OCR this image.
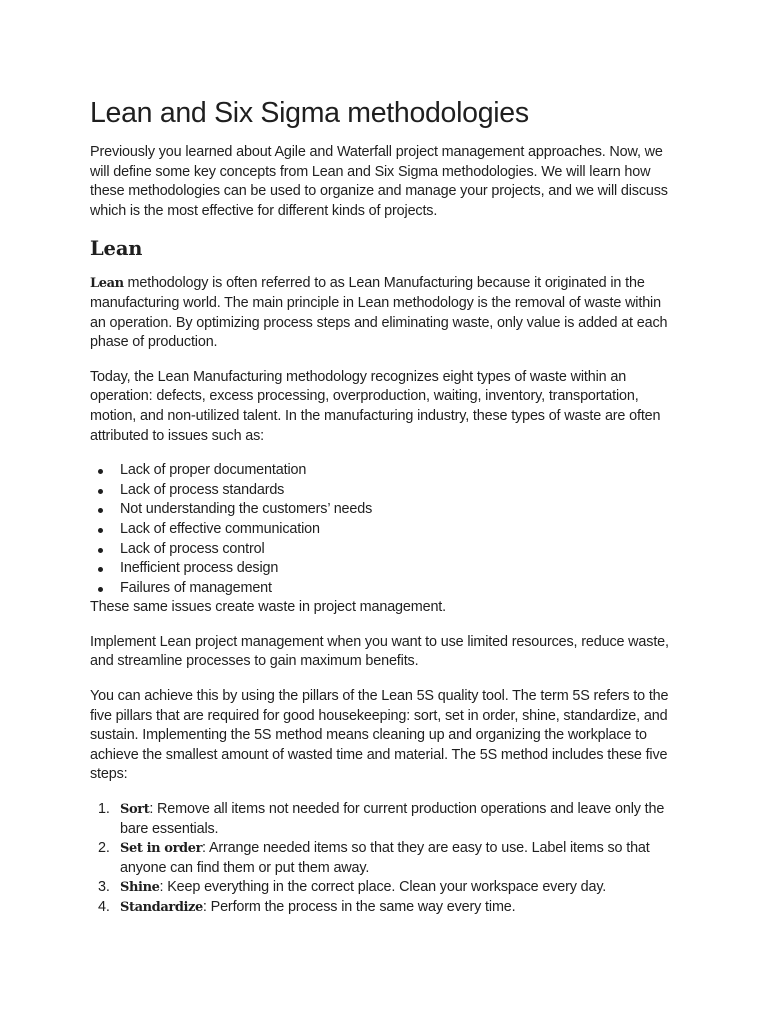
Lean and Six Sigma methodologies

Previously you learned about Agile and Waterfall project management approaches. Now, we will define some key concepts from Lean and Six Sigma methodologies. We will learn how these methodologies can be used to organize and manage your projects, and we will discuss which is the most effective for different kinds of projects.

Lean

Lean methodology is often referred to as Lean Manufacturing because it originated in the manufacturing world. The main principle in Lean methodology is the removal of waste within an operation. By optimizing process steps and eliminating waste, only value is added at each phase of production.

Today, the Lean Manufacturing methodology recognizes eight types of waste within an operation: defects, excess processing, overproduction, waiting, inventory, transportation, motion, and non-utilized talent. In the manufacturing industry, these types of waste are often attributed to issues such as:

Lack of proper documentation
Lack of process standards
Not understanding the customers’ needs
Lack of effective communication
Lack of process control
Inefficient process design
Failures of management

These same issues create waste in project management.

Implement Lean project management when you want to use limited resources, reduce waste, and streamline processes to gain maximum benefits.

You can achieve this by using the pillars of the Lean 5S quality tool. The term 5S refers to the five pillars that are required for good housekeeping: sort, set in order, shine, standardize, and sustain. Implementing the 5S method means cleaning up and organizing the workplace to achieve the smallest amount of wasted time and material. The 5S method includes these five steps:

1. Sort: Remove all items not needed for current production operations and leave only the bare essentials.
2. Set in order: Arrange needed items so that they are easy to use. Label items so that anyone can find them or put them away.
3. Shine: Keep everything in the correct place. Clean your workspace every day.
4. Standardize: Perform the process in the same way every time.
